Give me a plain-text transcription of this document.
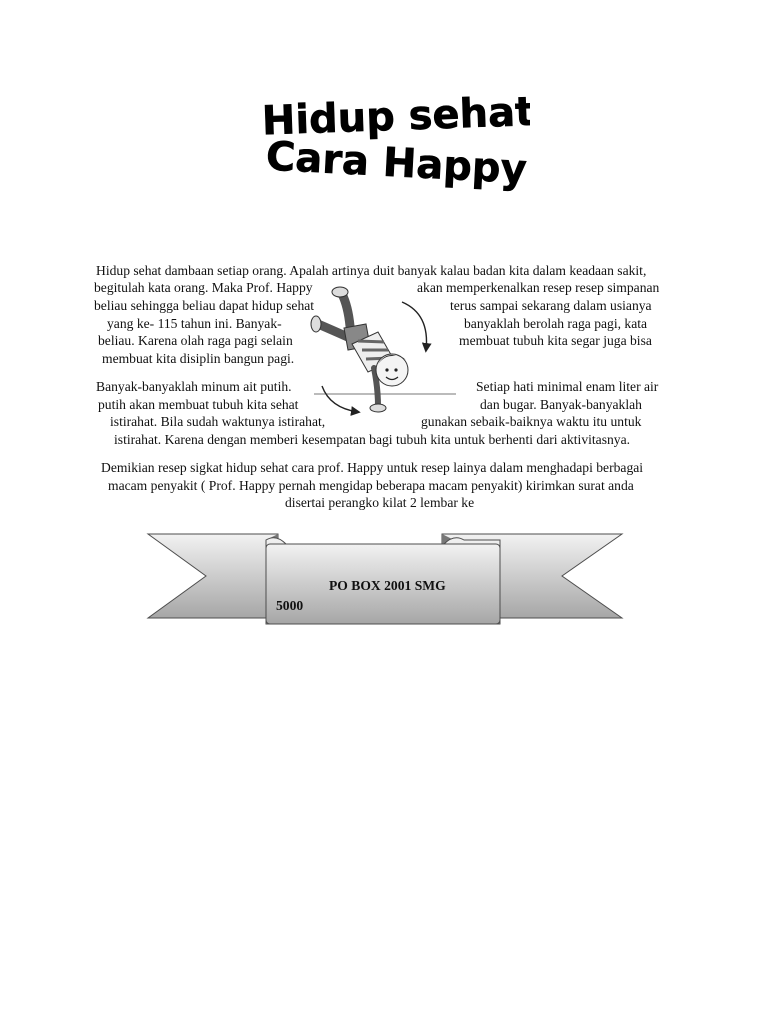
Hidup sehat
Cara Happy
Hidup sehat dambaan setiap orang. Apalah artinya duit banyak kalau badan kita dalam keadaan sakit,
begitulah kata orang. Maka Prof. Happy	akan memperkenalkan resep resep simpanan
beliau sehingga beliau dapat hidup sehat	terus sampai sekarang dalam usianya
yang ke- 115 tahun ini. Banyak-	banyaklah berolah raga pagi, kata
beliau. Karena olah raga pagi selain	membuat tubuh kita segar juga bisa
membuat kita disiplin bangun pagi.
Banyak-banyaklah minum ait putih.	Setiap hati minimal enam liter air
putih akan membuat tubuh kita sehat	dan bugar. Banyak-banyaklah
istirahat. Bila sudah waktunya istirahat,	gunakan sebaik-baiknya waktu itu untuk
istirahat. Karena dengan memberi kesempatan bagi tubuh kita untuk berhenti dari aktivitasnya.
Demikian resep sigkat hidup sehat cara prof. Happy untuk resep lainya dalam menghadapi berbagai
macam penyakit ( Prof. Happy pernah mengidap beberapa macam penyakit) kirimkan surat anda
disertai perangko kilat 2 lembar ke
PO BOX 2001 SMG
5000
